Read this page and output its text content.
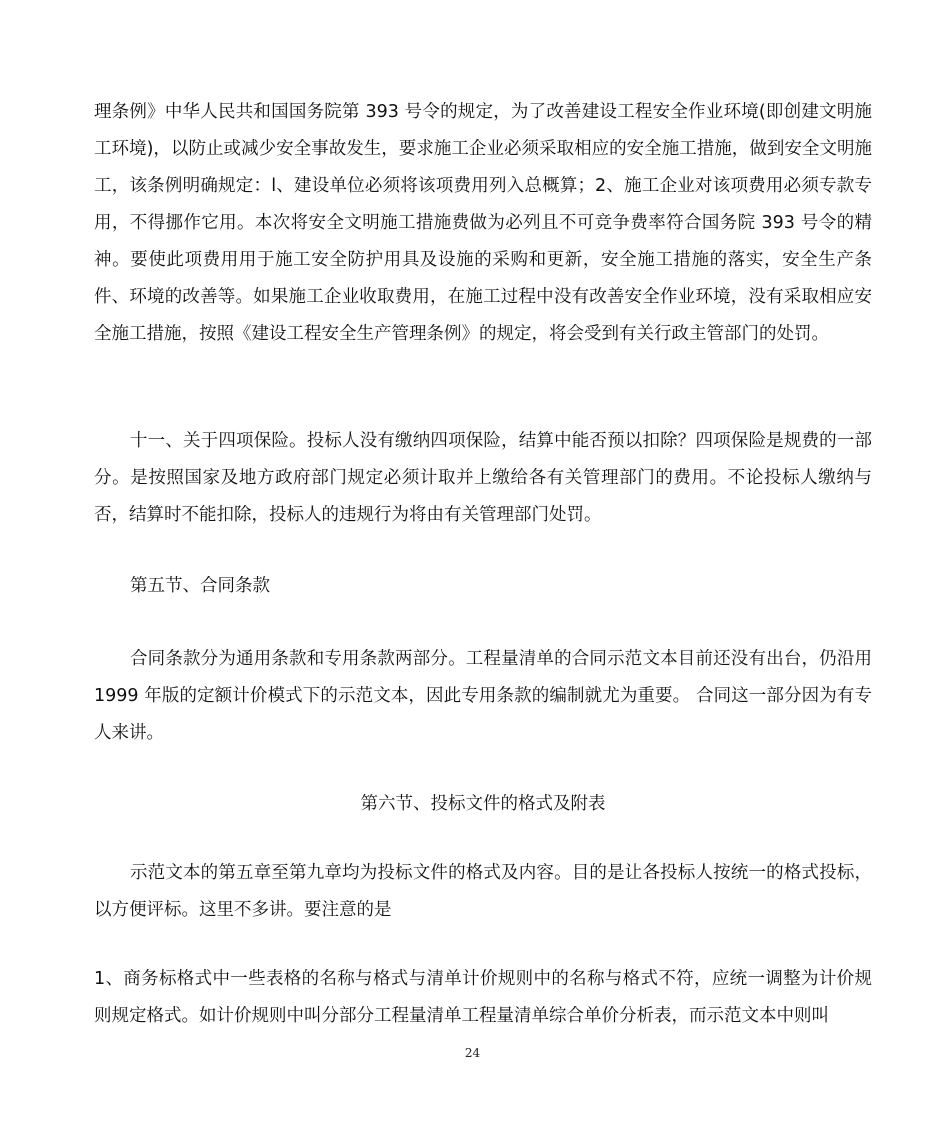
理条例》中华人民共和国国务院第 393 号令的规定，为了改善建设工程安全作业环境(即创建文明施工环境)，以防止或减少安全事故发生，要求施工企业必须采取相应的安全施工措施，做到安全文明施工，该条例明确规定：l、建设单位必须将该项费用列入总概算；2、施工企业对该项费用必须专款专用，不得挪作它用。本次将安全文明施工措施费做为必列且不可竞争费率符合国务院 393 号令的精神。要使此项费用用于施工安全防护用具及设施的采购和更新，安全施工措施的落实，安全生产条件、环境的改善等。如果施工企业收取费用，在施工过程中没有改善安全作业环境，没有采取相应安全施工措施，按照《建设工程安全生产管理条例》的规定，将会受到有关行政主管部门的处罚。

十一、关于四项保险。投标人没有缴纳四项保险，结算中能否预以扣除？四项保险是规费的一部分。是按照国家及地方政府部门规定必须计取并上缴给各有关管理部门的费用。不论投标人缴纳与否，结算时不能扣除，投标人的违规行为将由有关管理部门处罚。

第五节、合同条款

合同条款分为通用条款和专用条款两部分。工程量清单的合同示范文本目前还没有出台，仍沿用 1999 年版的定额计价模式下的示范文本，因此专用条款的编制就尤为重要。 合同这一部分因为有专人来讲。

第六节、投标文件的格式及附表

示范文本的第五章至第九章均为投标文件的格式及内容。目的是让各投标人按统一的格式投标，以方便评标。这里不多讲。要注意的是

1、商务标格式中一些表格的名称与格式与清单计价规则中的名称与格式不符，应统一调整为计价规则规定格式。如计价规则中叫分部分工程量清单工程量清单综合单价分析表，而示范文本中则叫

24
